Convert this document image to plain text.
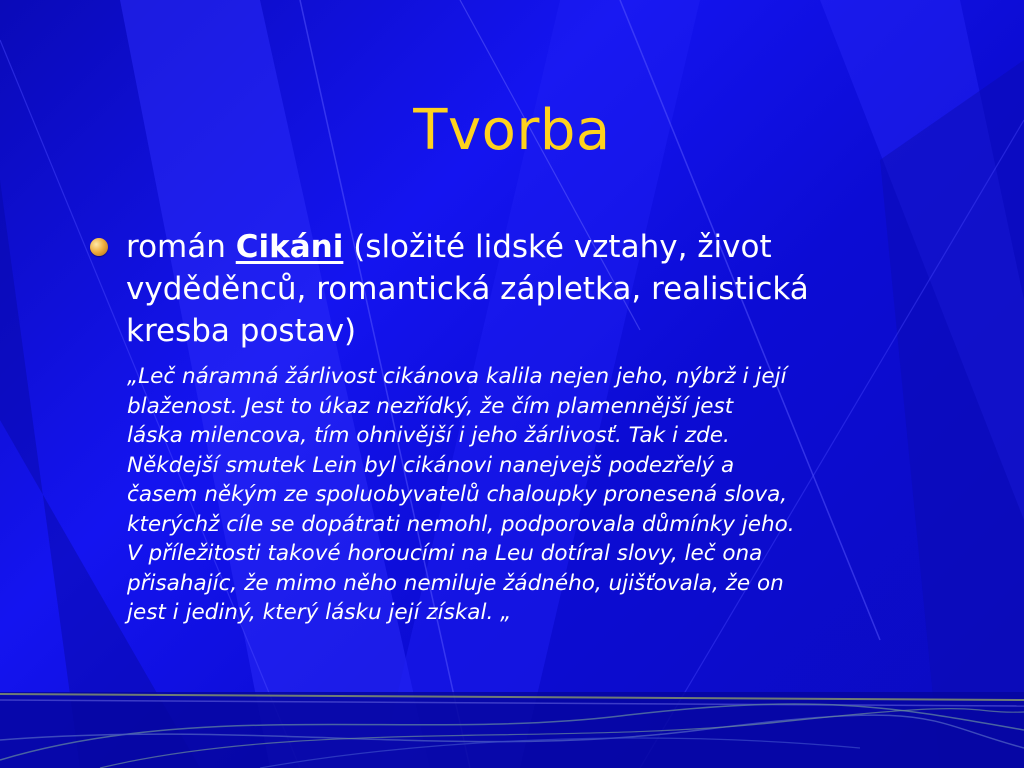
Tvorba
román Cikáni (složité lidské vztahy, život
vyděděnců, romantická zápletka, realistická
kresba postav)
„Leč náramná žárlivost cikánova kalila nejen jeho, nýbrž i její
blaženost. Jest to úkaz nezřídký, že čím plamennější jest
láska milencova, tím ohnivější i jeho žárlivosť. Tak i zde.
Někdejší smutek Lein byl cikánovi nanejvejš podezřelý a
časem někým ze spoluobyvatelů chaloupky pronesená slova,
kterýchž cíle se dopátrati nemohl, podporovala důmínky jeho.
V příležitosti takové horoucími na Leu dotíral slovy, leč ona
přisahajíc, že mimo něho nemiluje žádného, ujišťovala, že on
jest i jediný, který lásku její získal. „
